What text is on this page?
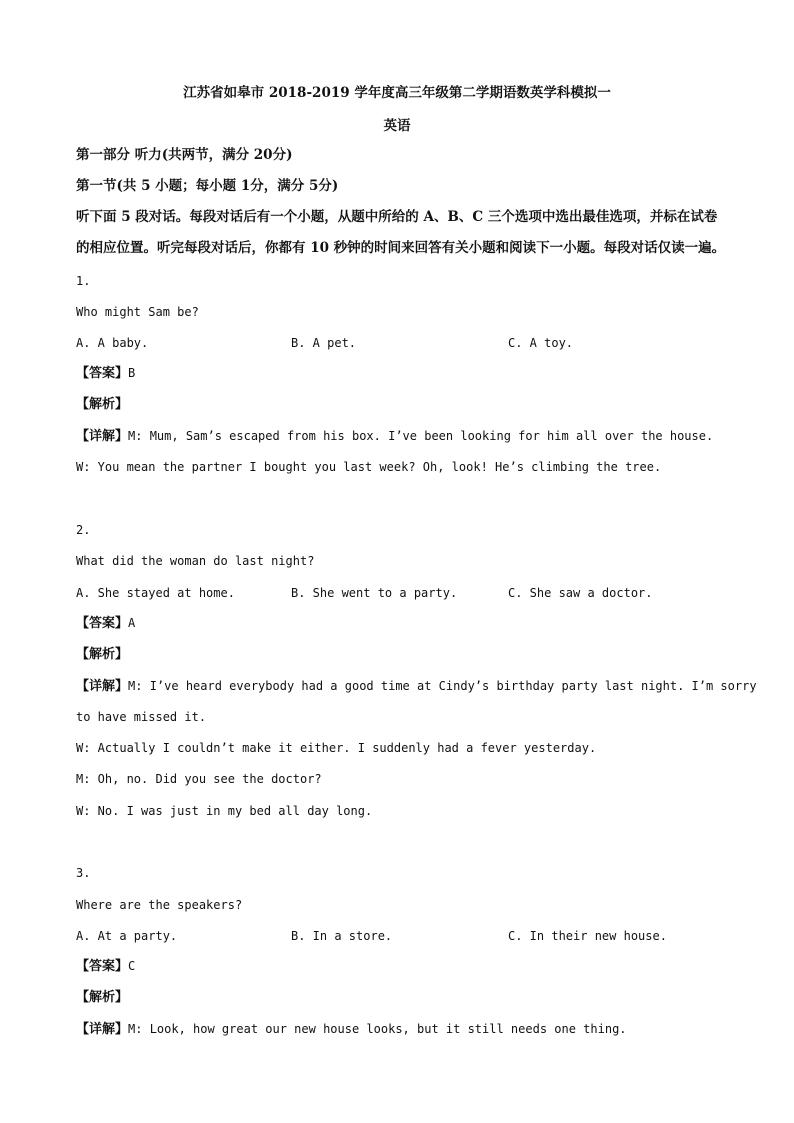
江苏省如皋市 2018-2019 学年度高三年级第二学期语数英学科模拟一
英语
第一部分 听力(共两节，满分 20分)
第一节(共 5 小题；每小题 1分，满分 5分)
听下面 5 段对话。每段对话后有一个小题，从题中所给的 A、B、C 三个选项中选出最佳选项，并标在试卷
的相应位置。听完每段对话后，你都有 10 秒钟的时间来回答有关小题和阅读下一小题。每段对话仅读一遍。
1.
Who might Sam be?
A. A baby.	B. A pet.	C. A toy.
【答案】B
【解析】
【详解】M: Mum, Sam’s escaped from his box. I’ve been looking for him all over the house.
W: You mean the partner I bought you last week? Oh, look! He’s climbing the tree.
2.
What did the woman do last night?
A. She stayed at home.	B. She went to a party.	C. She saw a doctor.
【答案】A
【解析】
【详解】M: I’ve heard everybody had a good time at Cindy’s birthday party last night. I’m sorry
to have missed it.
W: Actually I couldn’t make it either. I suddenly had a fever yesterday.
M: Oh, no. Did you see the doctor?
W: No. I was just in my bed all day long.
3.
Where are the speakers?
A. At a party.	B. In a store.	C. In their new house.
【答案】C
【解析】
【详解】M: Look, how great our new house looks, but it still needs one thing.
